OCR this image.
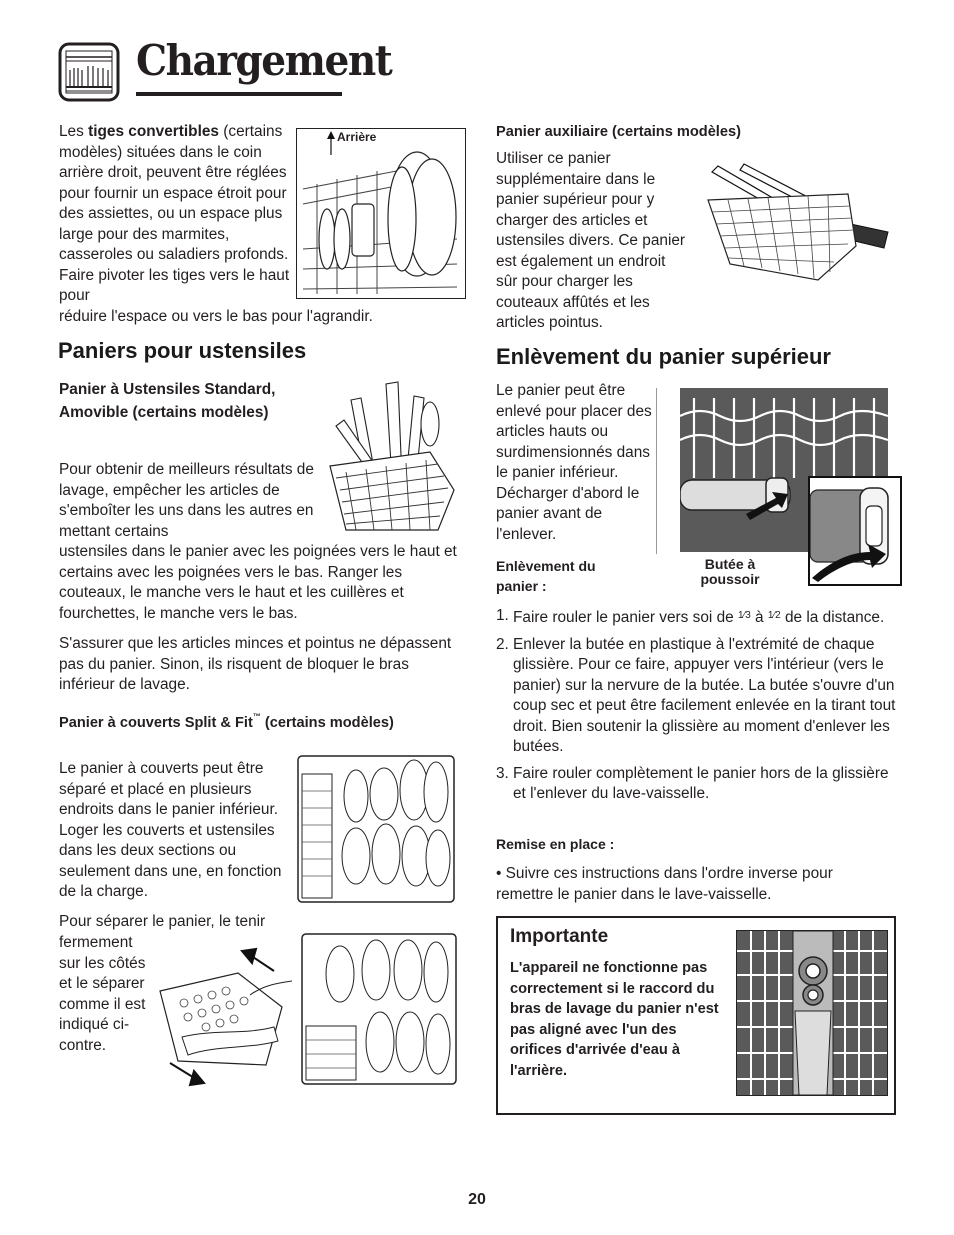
Chargement
Les tiges convertibles (certains modèles) situées dans le coin arrière droit, peuvent être réglées pour fournir un espace étroit pour des assiettes, ou un espace plus large pour des marmites, casseroles ou saladiers profonds. Faire pivoter les tiges vers le haut pour
réduire l'espace ou vers le bas pour l'agrandir.
Arrière
Paniers pour ustensiles
Panier à Ustensiles Standard, Amovible (certains modèles)
Pour obtenir de meilleurs résultats de lavage, empêcher les articles de s'emboîter les uns dans les autres en mettant certains
ustensiles dans le panier avec les poignées vers le haut et certains avec les poignées vers le bas. Ranger les couteaux, le manche vers le haut et les cuillères et fourchettes, le manche vers le bas.
S'assurer que les articles minces et pointus ne dépassent pas du panier. Sinon, ils risquent de bloquer le bras inférieur de lavage.
Panier à couverts Split & Fit™ (certains modèles)
Le panier à couverts peut être séparé et placé en plusieurs endroits dans le panier inférieur. Loger les couverts et ustensiles dans les deux sections ou seulement dans une, en fonction de la charge.
Pour séparer le panier, le tenir
fermement sur les côtés et le séparer comme il est indiqué ci-contre.
Panier auxiliaire (certains modèles)
Utiliser ce panier supplémentaire dans le panier supérieur pour y charger des articles et ustensiles divers. Ce panier est également un endroit sûr pour charger les couteaux affûtés et les articles pointus.
Enlèvement du panier supérieur
Le panier peut être enlevé pour placer des articles hauts ou surdimensionnés dans le panier inférieur. Décharger d'abord le panier avant de l'enlever.
Butée à poussoir
Enlèvement du panier :
1. Faire rouler le panier vers soi de $^{1⁄3}$ à $^{1⁄2}$ de la distance.
2. Enlever la butée en plastique à l'extrémité de chaque glissière. Pour ce faire, appuyer vers l'intérieur (vers le panier) sur la nervure de la butée. La butée s'ouvre d'un coup sec et peut être facilement enlevée en la tirant tout droit. Bien soutenir la glissière au moment d'enlever les butées.
3. Faire rouler complètement le panier hors de la glissière et l'enlever du lave-vaisselle.
Remise en place :
• Suivre ces instructions dans l'ordre inverse pour remettre le panier dans le lave-vaisselle.
Importante
L'appareil ne fonctionne pas correctement si le raccord du bras de lavage du panier n'est pas aligné avec l'un des orifices d'arrivée d'eau à l'arrière.
20
